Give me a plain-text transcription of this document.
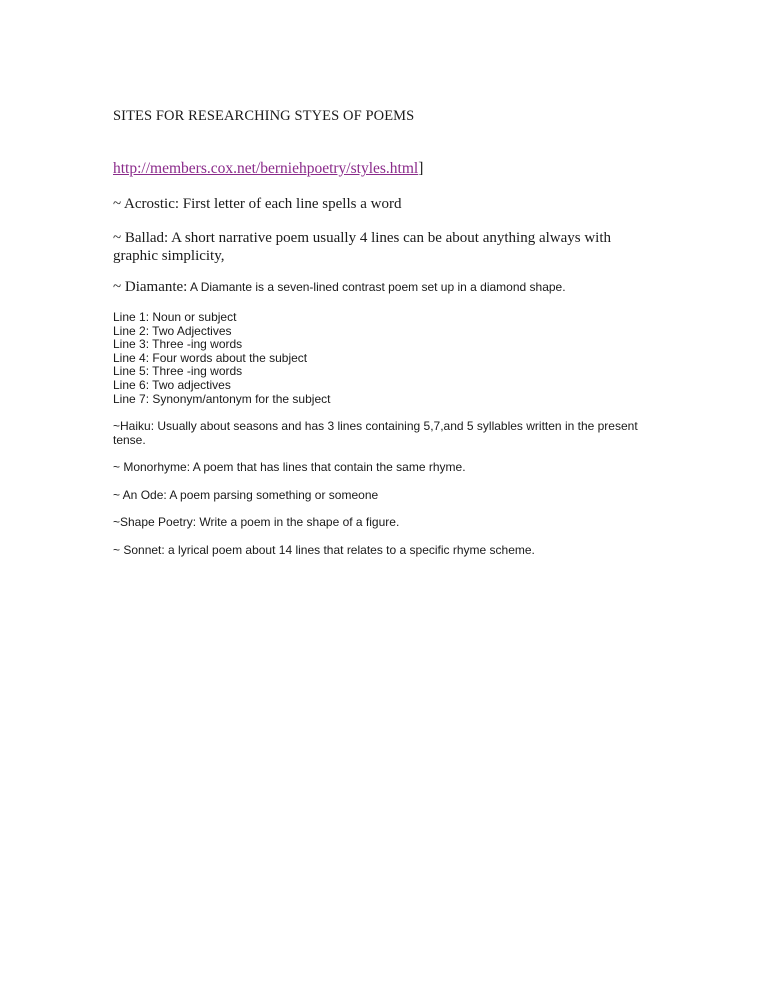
SITES FOR RESEARCHING STYES OF POEMS

http://members.cox.net/berniehpoetry/styles.html]

~ Acrostic: First letter of each line spells a word

~ Ballad: A short narrative poem usually 4 lines can be about anything always with graphic simplicity,

~ Diamante: A Diamante is a seven-lined contrast poem set up in a diamond shape.

Line 1: Noun or subject
Line 2: Two Adjectives
Line 3: Three -ing words
Line 4: Four words about the subject
Line 5: Three -ing words
Line 6: Two adjectives
Line 7: Synonym/antonym for the subject

~Haiku: Usually about seasons and has 3 lines containing 5,7,and 5 syllables written in the present tense.

~ Monorhyme: A poem that has lines that contain the same rhyme.

~ An Ode: A poem parsing something or someone

~Shape Poetry: Write a poem in the shape of a figure.

~ Sonnet: a lyrical poem about 14 lines that relates to a specific rhyme scheme.
